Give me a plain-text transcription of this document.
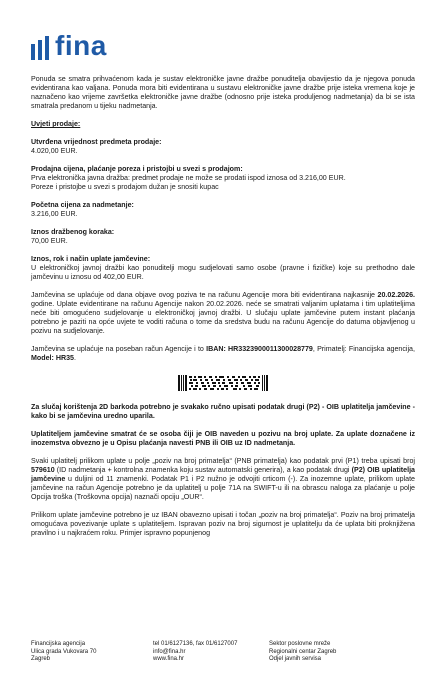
fina

Ponuda se smatra prihvaćenom kada je sustav elektroničke javne dražbe ponuditelja obavijestio da je njegova ponuda evidentirana kao valjana. Ponuda mora biti evidentirana u sustavu elektroničke javne dražbe prije isteka vremena koje je naznačeno kao vrijeme završetka elektroničke javne dražbe (odnosno prije isteka produljenog nadmetanja) da bi se ista smatrala predanom u tijeku nadmetanja.

Uvjeti prodaje:

Utvrđena vrijednost predmeta prodaje:

4.020,00 EUR.

Prodajna cijena, plaćanje poreza i pristojbi u svezi s prodajom:

Prva elektronička javna dražba: predmet prodaje ne može se prodati ispod iznosa od 3.216,00 EUR.

Poreze i pristojbe u svezi s prodajom dužan je snositi kupac

Početna cijena za nadmetanje:

3.216,00 EUR.

Iznos dražbenog koraka:

70,00 EUR.

Iznos, rok i način uplate jamčevine:

U elektroničkoj javnoj dražbi kao ponuditelji mogu sudjelovati samo osobe (pravne i fizičke) koje su prethodno dale jamčevinu u iznosu od 402,00 EUR.

Jamčevina se uplaćuje od dana objave ovog poziva te na računu Agencije mora biti evidentirana najkasnije 20.02.2026. godine. Uplate evidentirane na računu Agencije nakon 20.02.2026. neće se smatrati valjanim uplatama i tim uplatiteljima neće biti omogućeno sudjelovanje u elektroničkoj javnoj dražbi. U slučaju uplate jamčevine putem instant plaćanja potrebno je paziti na opće uvjete te voditi računa o tome da sredstva budu na računu Agencije do datuma objavljenog u pozivu na sudjelovanje.

Jamčevina se uplaćuje na poseban račun Agencije i to IBAN: HR3323900011300028779, Primatelj: Financijska agencija, Model: HR35.

Za slučaj korištenja 2D barkoda potrebno je svakako ručno upisati podatak drugi (P2) - OIB uplatitelja jamčevine - kako bi se jamčevina uredno uparila.

Uplatiteljem jamčevine smatrat će se osoba čiji je OIB naveden u pozivu na broj uplate. Za uplate doznačene iz inozemstva obvezno je u Opisu plaćanja navesti PNB ili OIB uz ID nadmetanja.

Svaki uplatitelj prilikom uplate u polje „poziv na broj primatelja“ (PNB primatelja) kao podatak prvi (P1) treba upisati broj 579610 (ID nadmetanja + kontrolna znamenka koju sustav automatski generira), a kao podatak drugi (P2) OIB uplatitelja jamčevine u duljini od 11 znamenki. Podatak P1 i P2 nužno je odvojiti crticom (-). Za inozemne uplate, prilikom uplate jamčevine na račun Agencije potrebno je da uplatitelj u polje 71A na SWIFT-u ili na obrascu naloga za plaćanje u polje Opcija troška (Troškovna opcija) naznači opciju „OUR“.

Prilikom uplate jamčevine potrebno je uz IBAN obavezno upisati i točan „poziv na broj primatelja“. Poziv na broj primatelja omogućava povezivanje uplate s uplatiteljem. Ispravan poziv na broj sigurnost je uplatitelju da će uplata biti proknjižena pravilno i u najkraćem roku. Primjer ispravno popunjenog

Financijska agencija
Ulica grada Vukovara 70
Zagreb
tel 01/6127136, fax 01/6127007
info@fina.hr
www.fina.hr
Sektor poslovne mreže
Regionalni centar Zagreb
Odjel javnih servisa
